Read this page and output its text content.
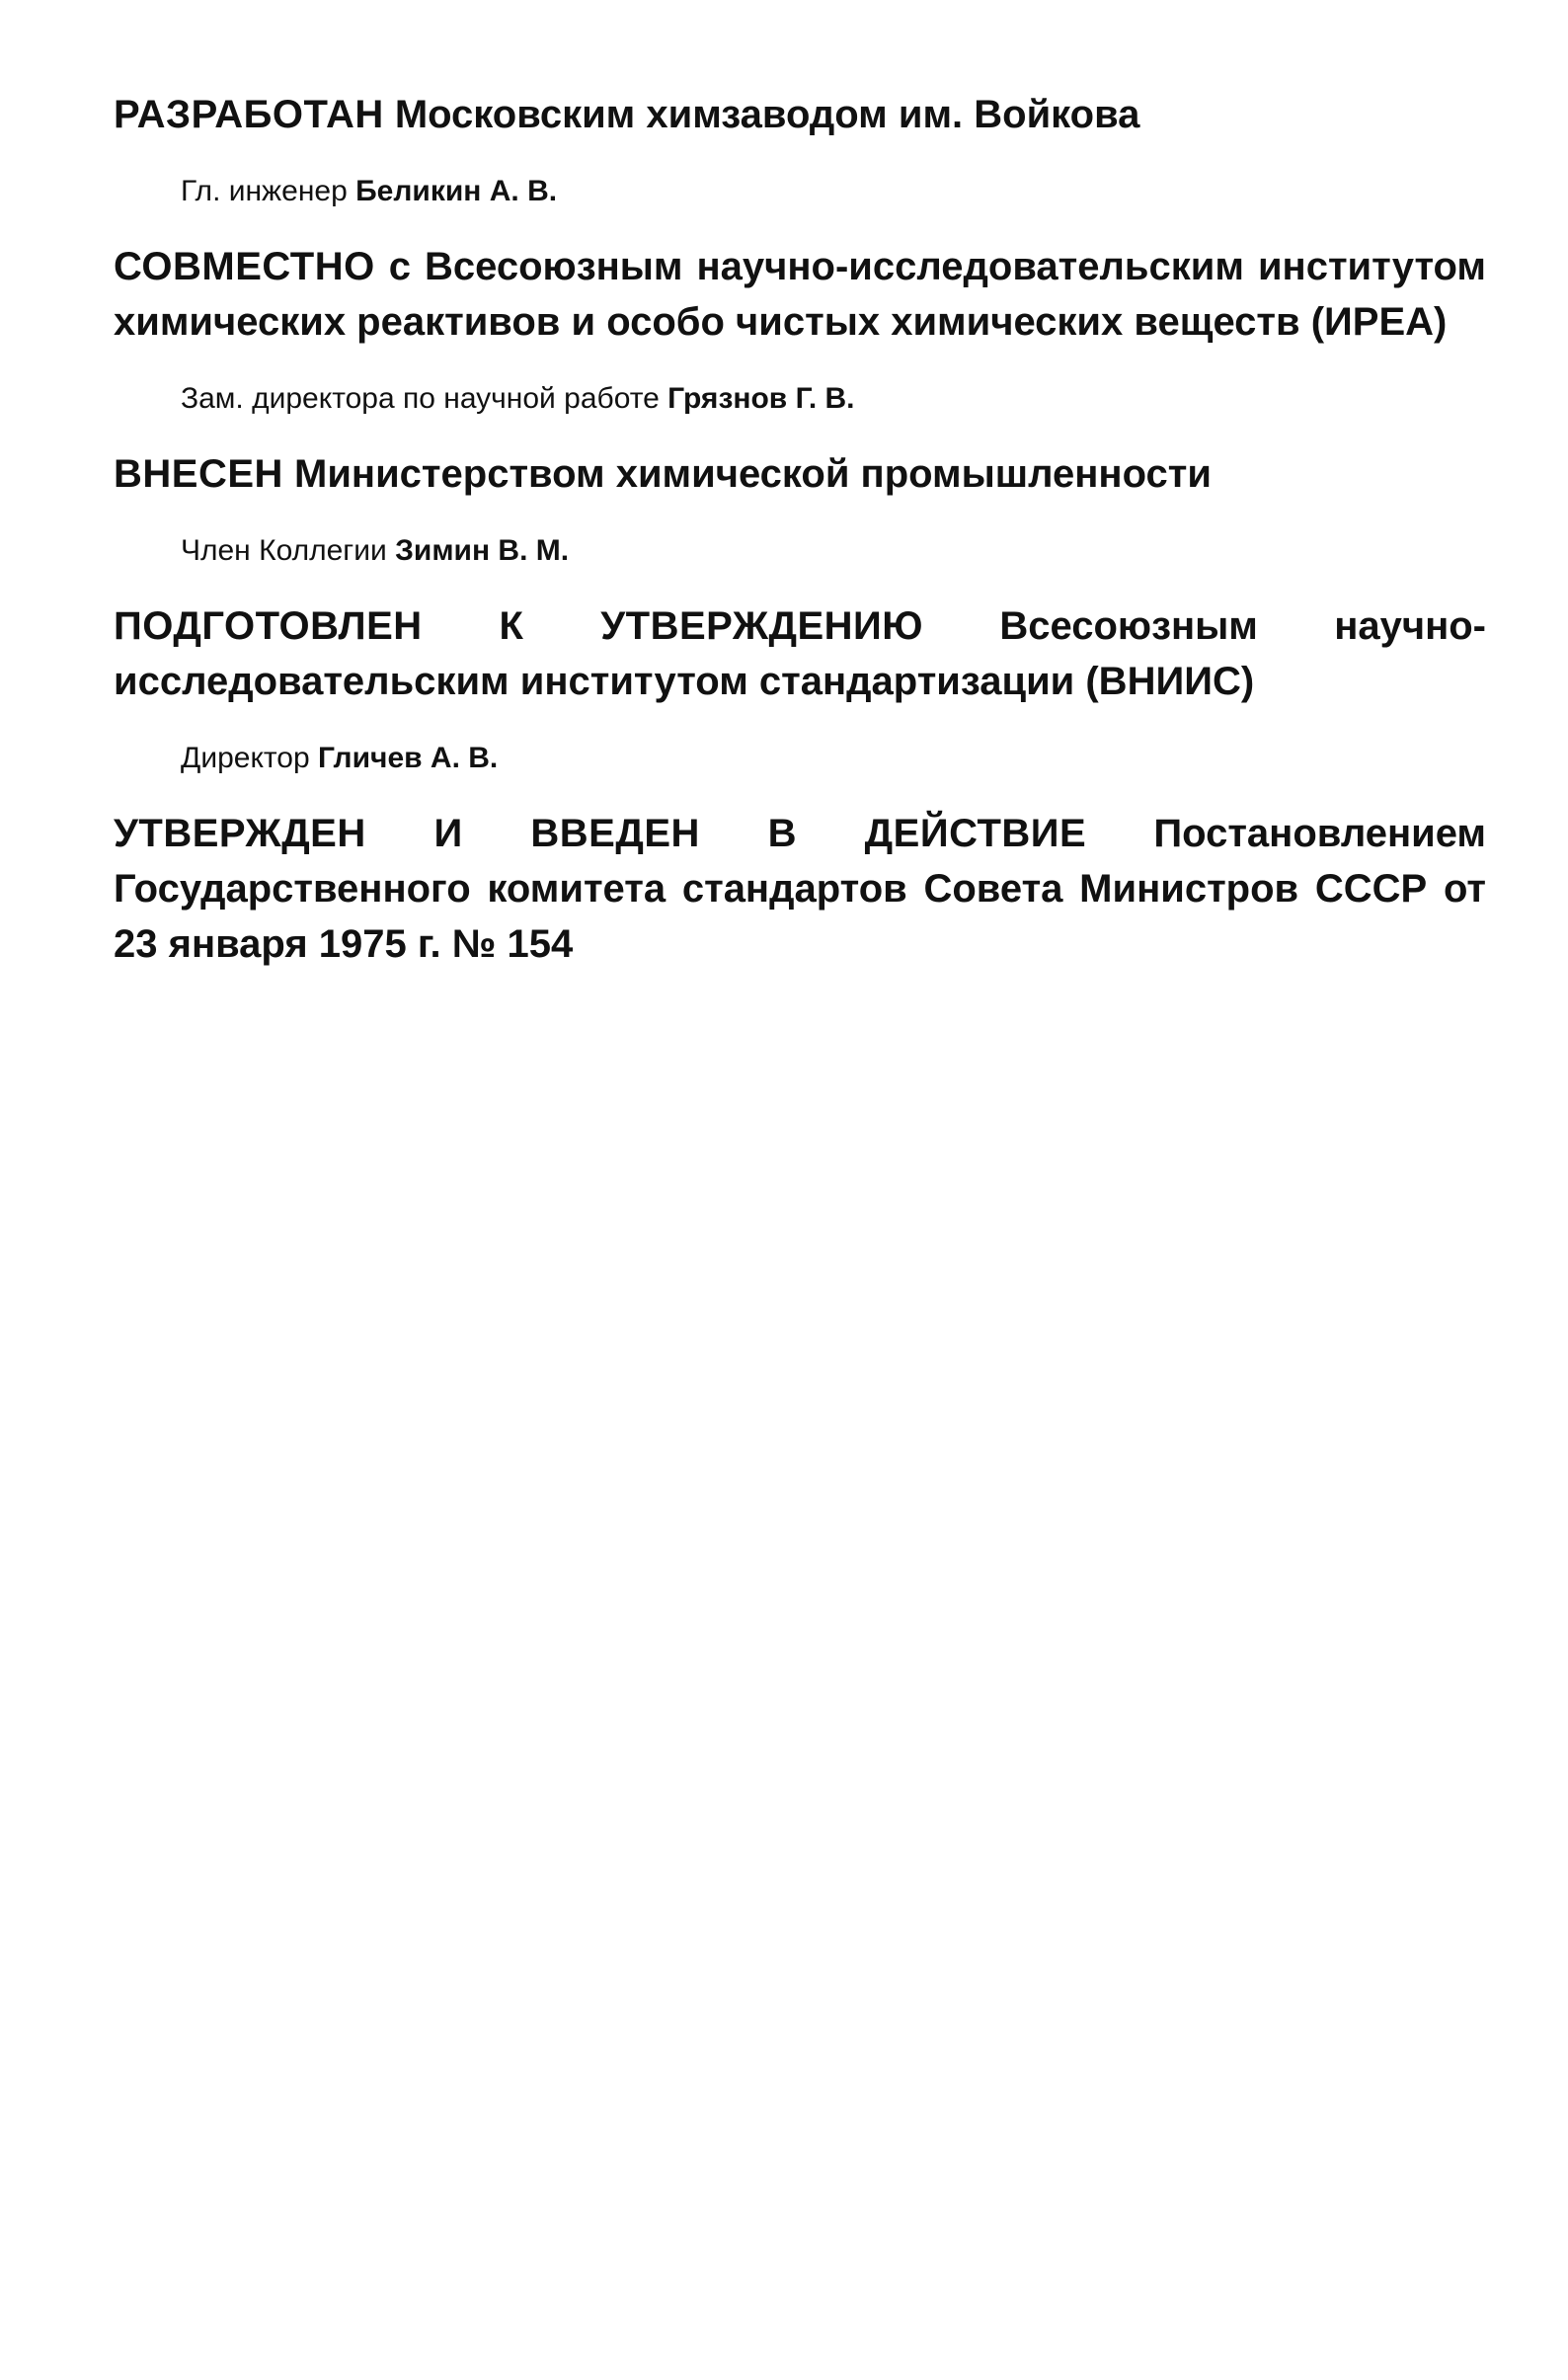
РАЗРАБОТАН Московским химзаводом им. Войкова

Гл. инженер Беликин А. В.

СОВМЕСТНО с Всесоюзным научно-исследовательским институтом химических реактивов и особо чистых химических веществ (ИРЕА)

Зам. директора по научной работе Грязнов Г. В.

ВНЕСЕН Министерством химической промышленности

Член Коллегии Зимин В. М.

ПОДГОТОВЛЕН К УТВЕРЖДЕНИЮ Всесоюзным научно-исследовательским институтом стандартизации (ВНИИС)

Директор Гличев А. В.

УТВЕРЖДЕН И ВВЕДЕН В ДЕЙСТВИЕ Постановлением Государственного комитета стандартов Совета Министров СССР от 23 января 1975 г. № 154
